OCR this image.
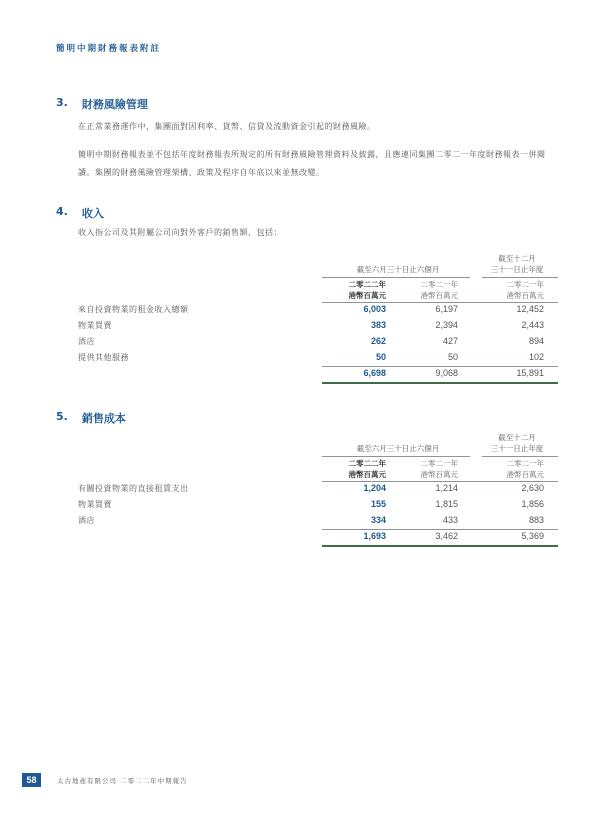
簡明中期財務報表附註
3. 財務風險管理
在正常業務運作中，集團面對因利率、貨幣、信貸及流動資金引起的財務風險。
簡明中期財務報表並不包括年度財務報表所規定的所有財務風險管理資料及披露，且應連同集團二零二一年度財務報表一併閱讀。集團的財務風險管理架構、政策及程序自年底以來並無改變。
4. 收入
收入指公司及其附屬公司向對外客戶的銷售額，包括：
截至六月三十日止六個月
截至十二月
三十一日止年度
二零二二年
港幣百萬元
二零二一年
港幣百萬元
二零二一年
港幣百萬元
來自投資物業的租金收入總額	6,003	6,197	12,452
物業買賣	383	2,394	2,443
酒店	262	427	894
提供其他服務	50	50	102
6,698	9,068	15,891
5. 銷售成本
截至六月三十日止六個月
截至十二月
三十一日止年度
二零二二年
港幣百萬元
二零二一年
港幣百萬元
二零二一年
港幣百萬元
有關投資物業的直接租賃支出	1,204	1,214	2,630
物業買賣	155	1,815	1,856
酒店	334	433	883
1,693	3,462	5,369
58	太古地產有限公司 二零二二年中期報告
